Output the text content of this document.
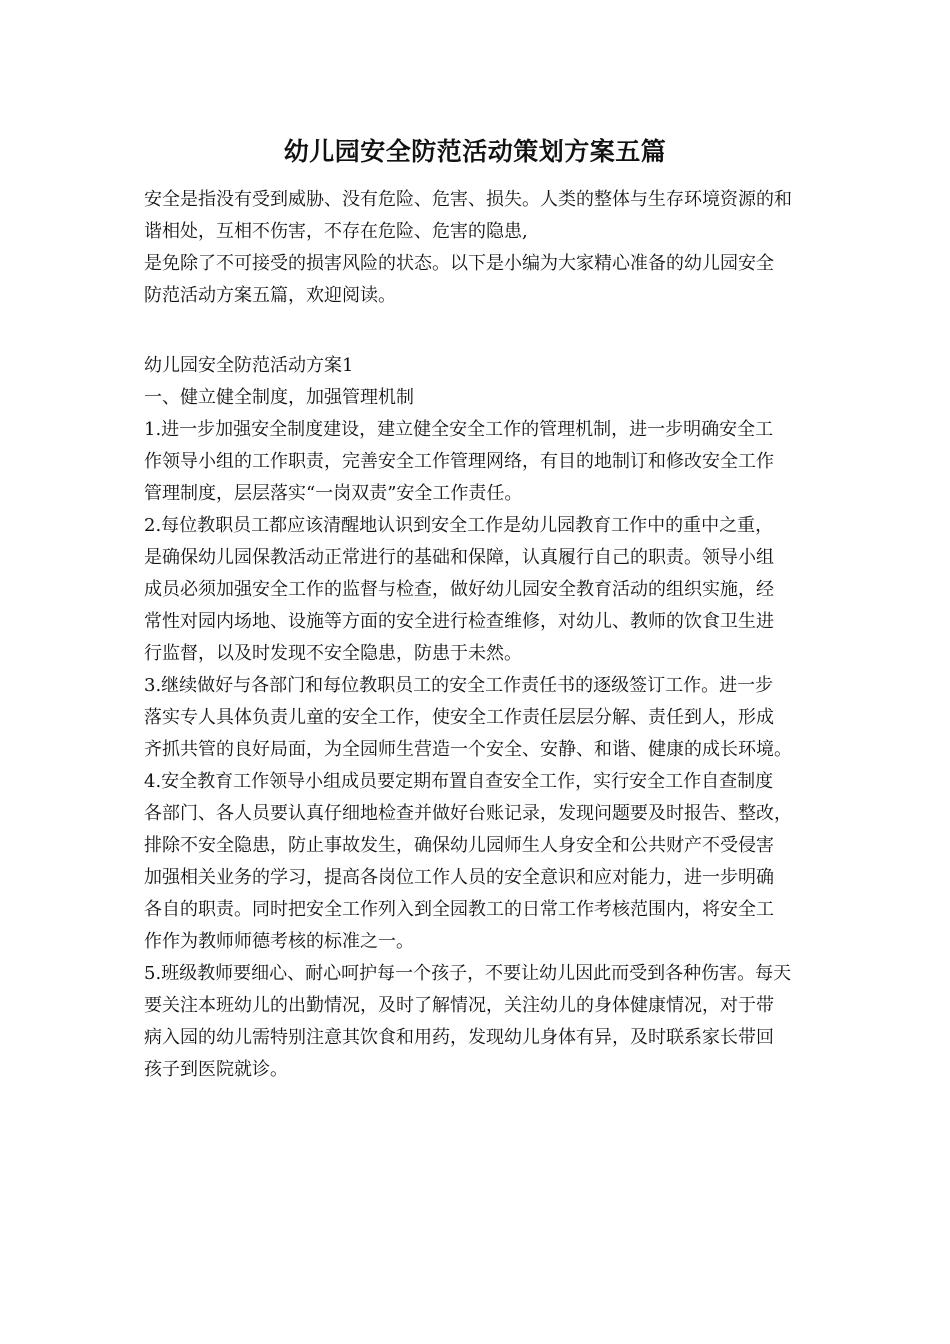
幼儿园安全防范活动策划方案五篇
安全是指没有受到威胁、没有危险、危害、损失。人类的整体与生存环境资源的和
谐相处，互相不伤害，不存在危险、危害的隐患,
是免除了不可接受的损害风险的状态。以下是小编为大家精心准备的幼儿园安全
防范活动方案五篇，欢迎阅读。
幼儿园安全防范活动方案1
一、健立健全制度，加强管理机制
1.进一步加强安全制度建设，建立健全安全工作的管理机制，进一步明确安全工
作领导小组的工作职责，完善安全工作管理网络，有目的地制订和修改安全工作
管理制度，层层落实“一岗双责”安全工作责任。
2.每位教职员工都应该清醒地认识到安全工作是幼儿园教育工作中的重中之重，
是确保幼儿园保教活动正常进行的基础和保障，认真履行自己的职责。领导小组
成员必须加强安全工作的监督与检查，做好幼儿园安全教育活动的组织实施，经
常性对园内场地、设施等方面的安全进行检查维修，对幼儿、教师的饮食卫生进
行监督，以及时发现不安全隐患，防患于未然。
3.继续做好与各部门和每位教职员工的安全工作责任书的逐级签订工作。进一步
落实专人具体负责儿童的安全工作，使安全工作责任层层分解、责任到人，形成
齐抓共管的良好局面，为全园师生营造一个安全、安静、和谐、健康的成长环境。
4.安全教育工作领导小组成员要定期布置自查安全工作，实行安全工作自查制度
各部门、各人员要认真仔细地检查并做好台账记录，发现问题要及时报告、整改，
排除不安全隐患，防止事故发生，确保幼儿园师生人身安全和公共财产不受侵害
加强相关业务的学习，提高各岗位工作人员的安全意识和应对能力，进一步明确
各自的职责。同时把安全工作列入到全园教工的日常工作考核范围内，将安全工
作作为教师师德考核的标准之一。
5.班级教师要细心、耐心呵护每一个孩子，不要让幼儿因此而受到各种伤害。每天
要关注本班幼儿的出勤情况，及时了解情况，关注幼儿的身体健康情况，对于带
病入园的幼儿需特别注意其饮食和用药，发现幼儿身体有异，及时联系家长带回
孩子到医院就诊。
